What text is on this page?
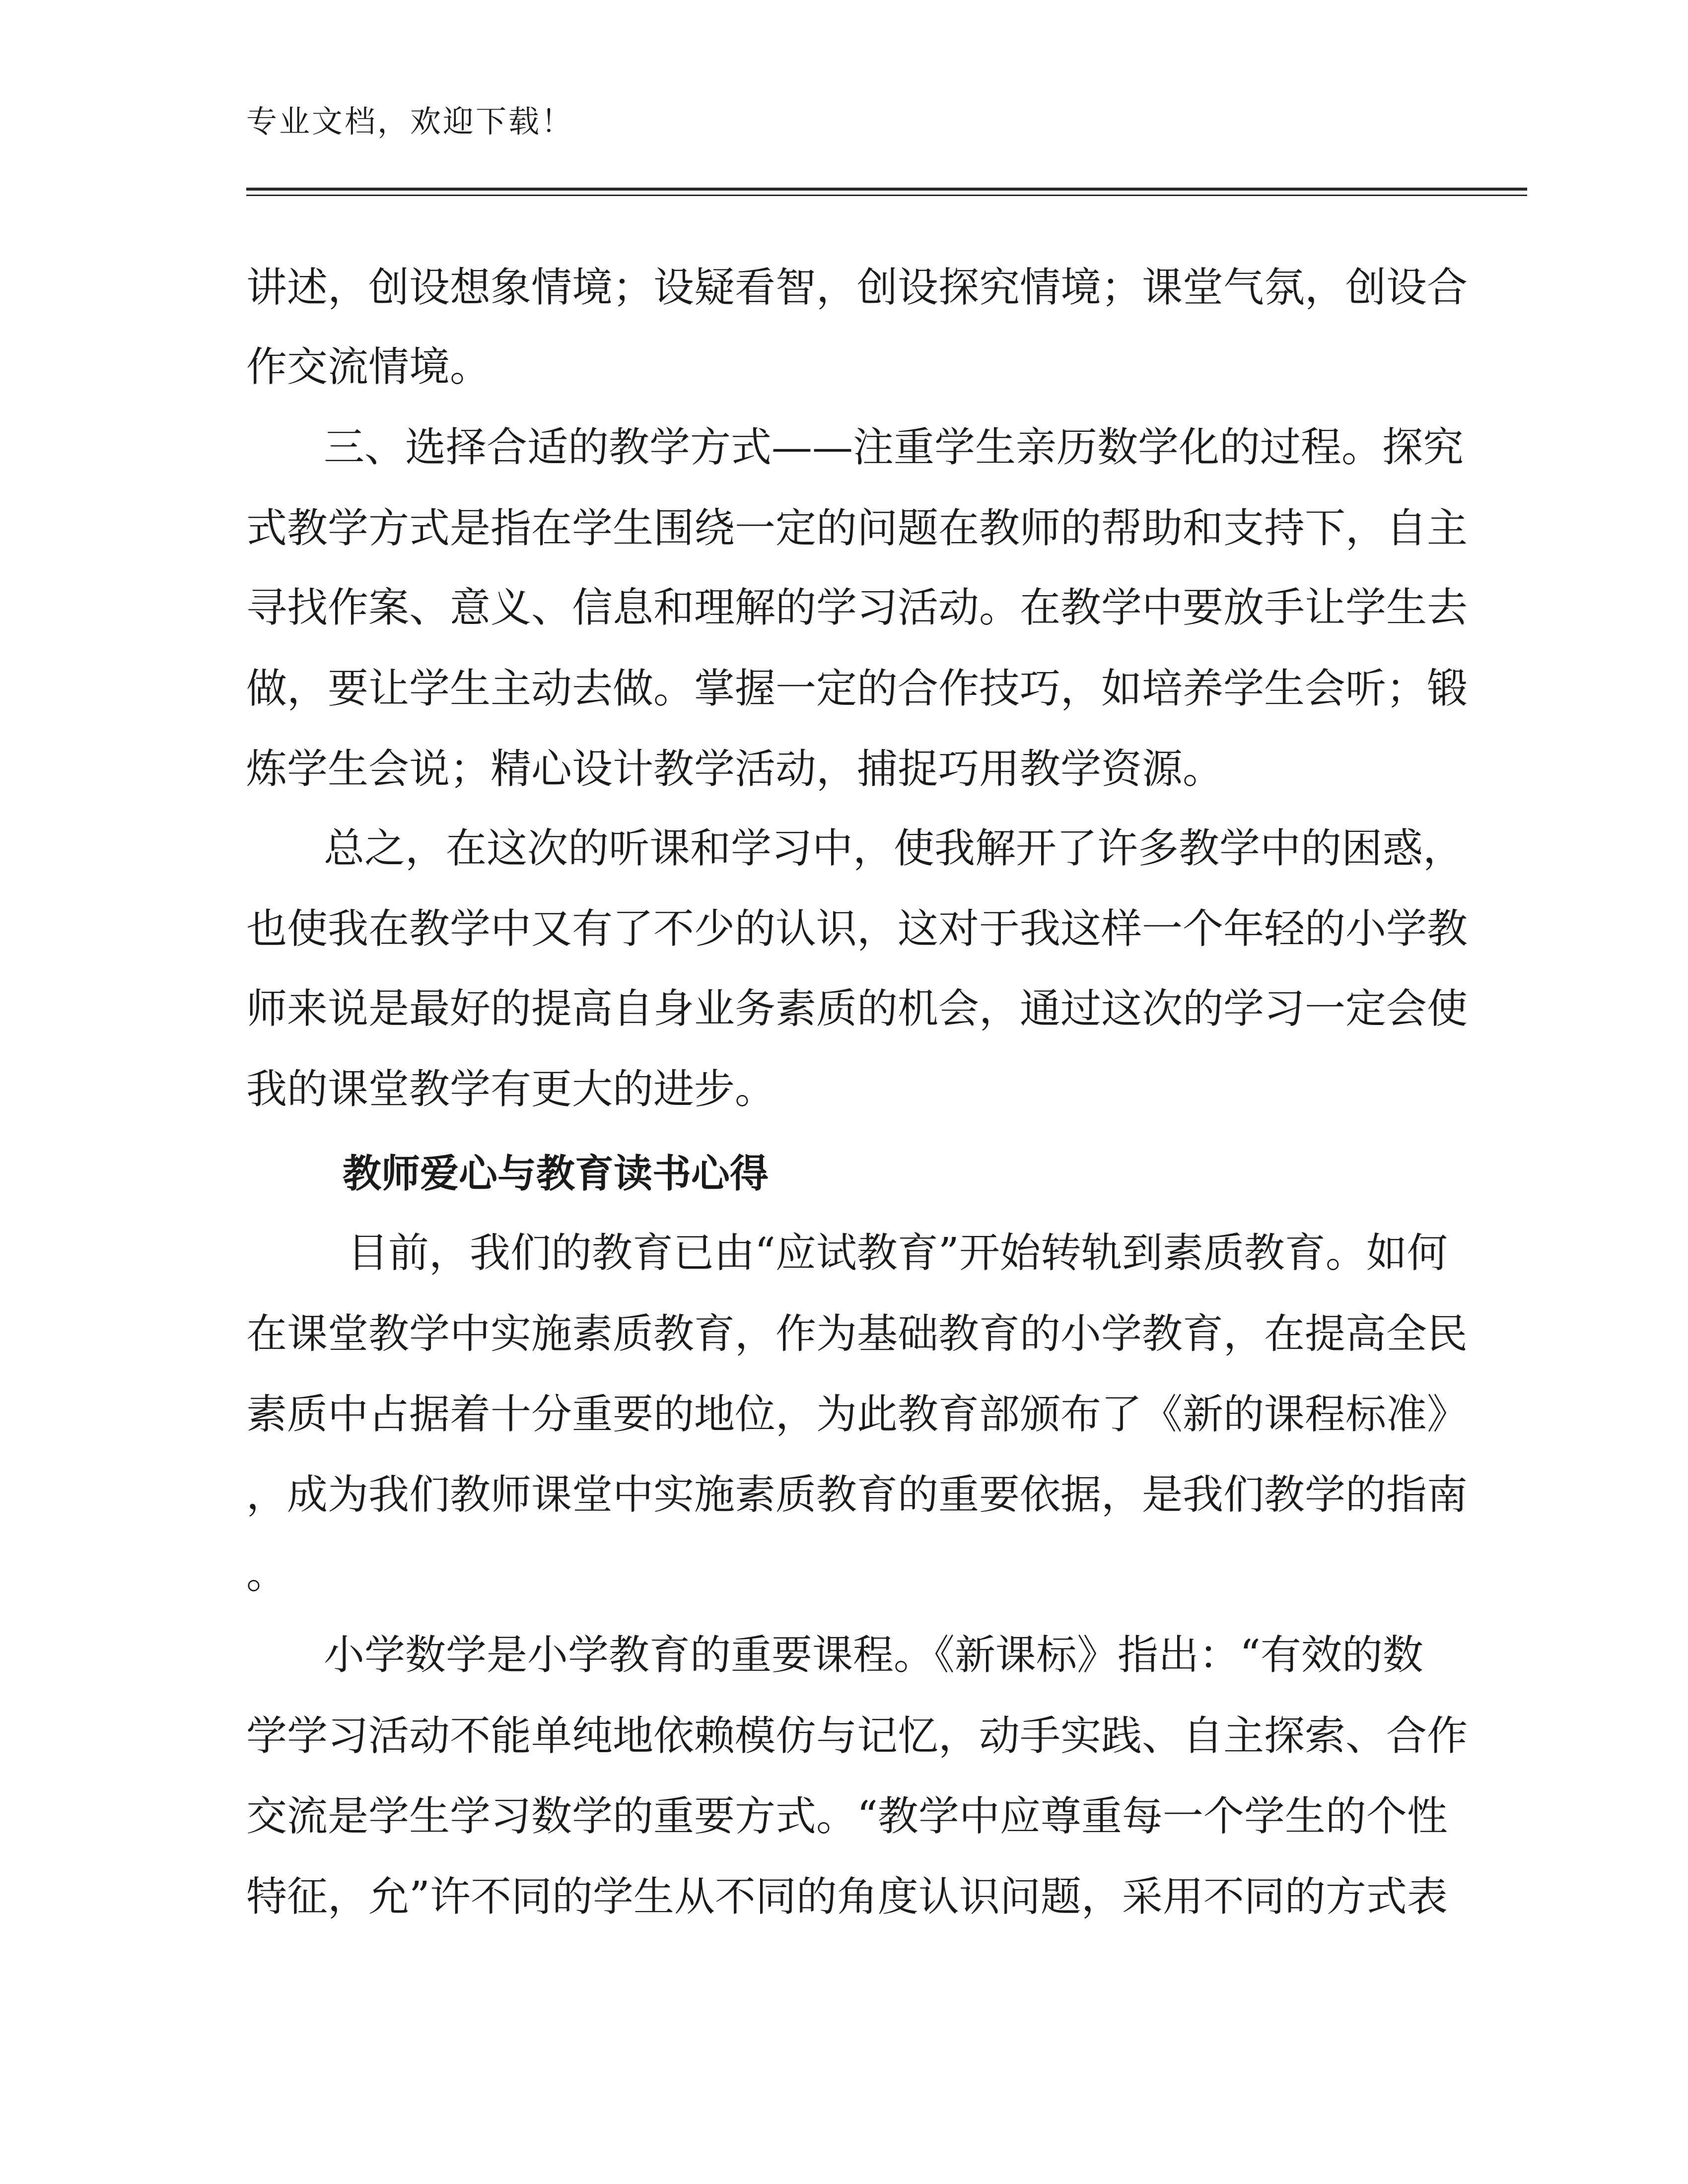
专业文档，欢迎下载！
讲述，创设想象情境；设疑看智，创设探究情境；课堂气氛，创设合
作交流情境。
三、选择合适的教学方式——注重学生亲历数学化的过程。探究
式教学方式是指在学生围绕一定的问题在教师的帮助和支持下，自主
寻找作案、意义、信息和理解的学习活动。在教学中要放手让学生去
做，要让学生主动去做。掌握一定的合作技巧，如培养学生会听；锻
炼学生会说；精心设计教学活动，捕捉巧用教学资源。
总之，在这次的听课和学习中，使我解开了许多教学中的困惑，
也使我在教学中又有了不少的认识，这对于我这样一个年轻的小学教
师来说是最好的提高自身业务素质的机会，通过这次的学习一定会使
我的课堂教学有更大的进步。
教师爱心与教育读书心得
目前，我们的教育已由“应试教育”开始转轨到素质教育。如何
在课堂教学中实施素质教育，作为基础教育的小学教育，在提高全民
素质中占据着十分重要的地位，为此教育部颁布了《新的课程标准》
，成为我们教师课堂中实施素质教育的重要依据，是我们教学的指南
。
小学数学是小学教育的重要课程。《新课标》指出：“有效的数
学学习活动不能单纯地依赖模仿与记忆，动手实践、自主探索、合作
交流是学生学习数学的重要方式。“教学中应尊重每一个学生的个性
特征，允”许不同的学生从不同的角度认识问题，采用不同的方式表
